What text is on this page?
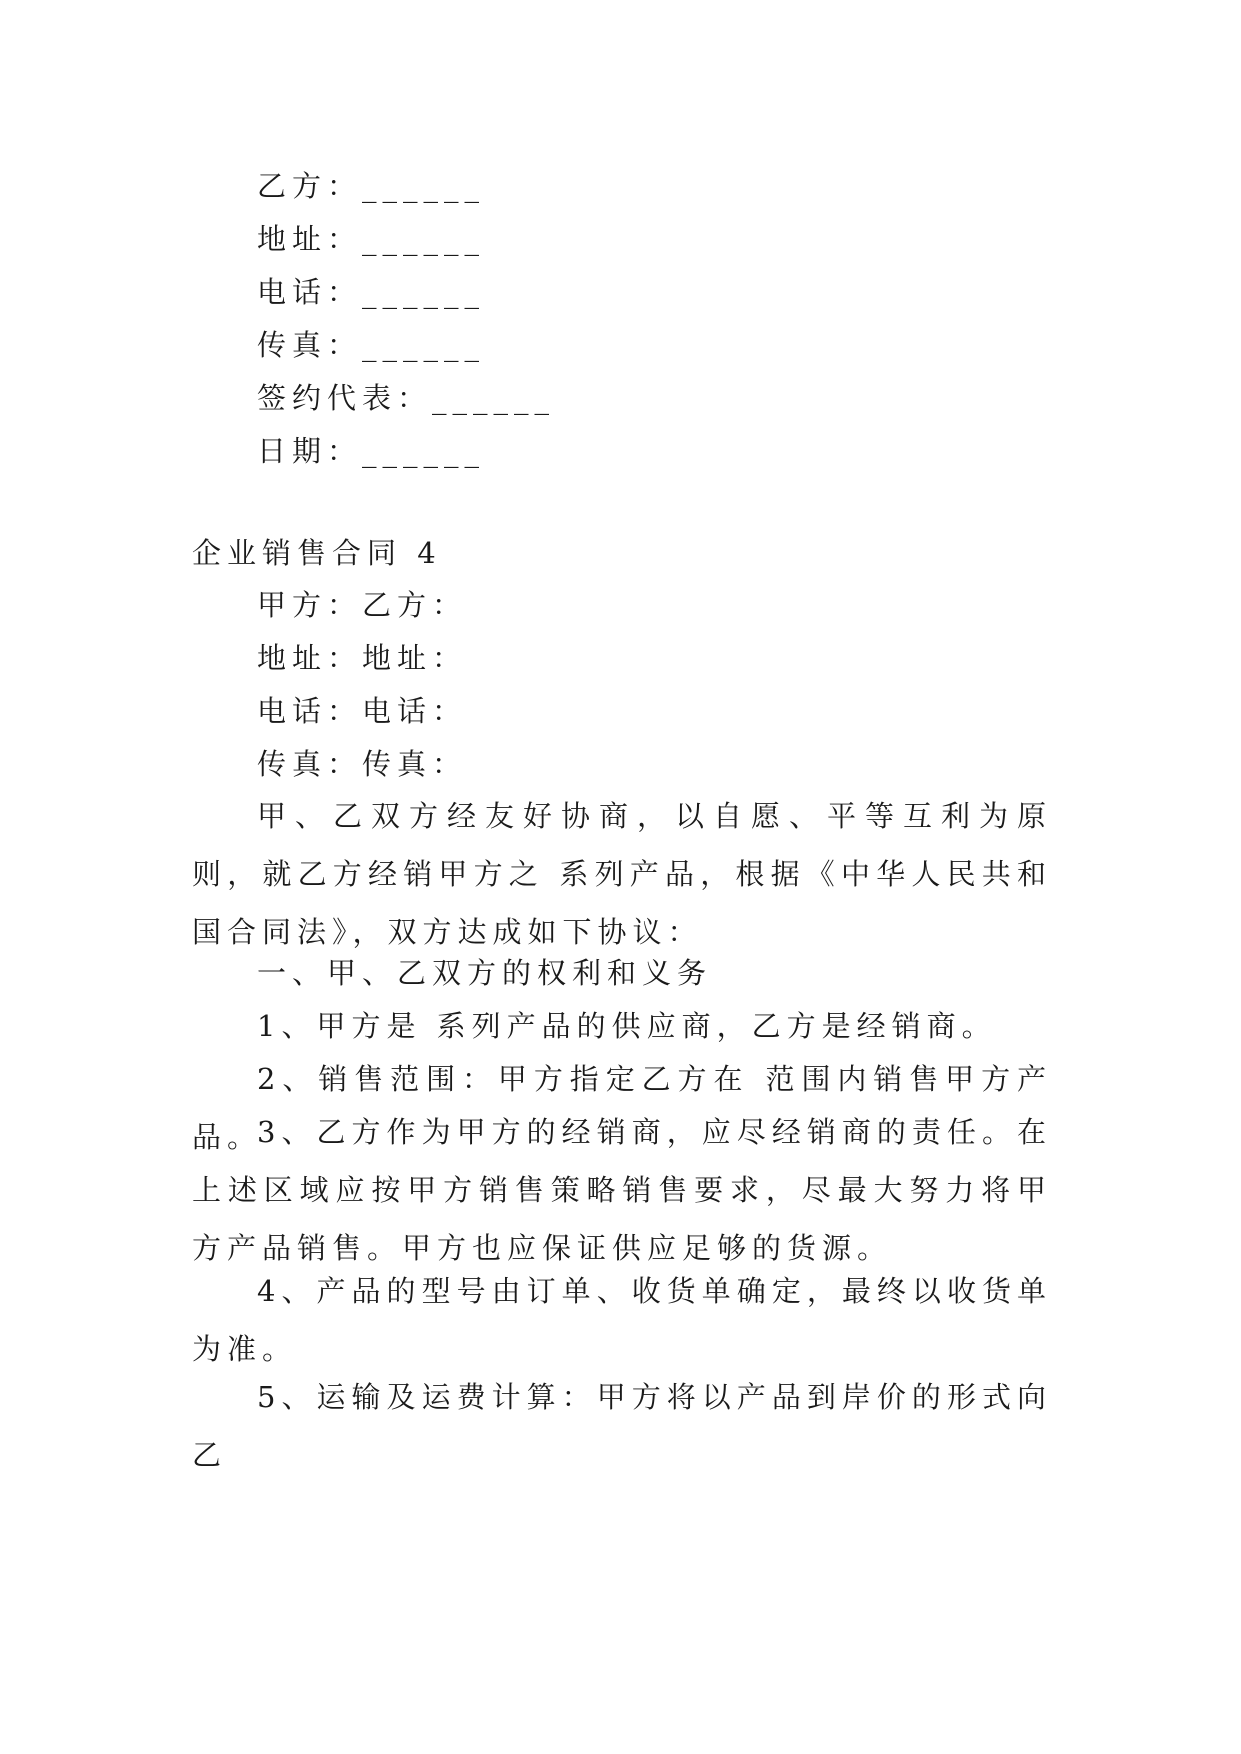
乙方：______
地址：______
电话：______
传真：______
签约代表：______
日期：______
企业销售合同 4
甲方：乙方：
地址：地址：
电话：电话：
传真：传真：
甲、乙双方经友好协商，以自愿、平等互利为原则，就乙方经销甲方之 系列产品，根据《中华人民共和国合同法》，双方达成如下协议：
一、甲、乙双方的权利和义务
1、甲方是 系列产品的供应商，乙方是经销商。
2、销售范围：甲方指定乙方在 范围内销售甲方产品。
3、乙方作为甲方的经销商，应尽经销商的责任。在上述区域应按甲方销售策略销售要求，尽最大努力将甲方产品销售。甲方也应保证供应足够的货源。
4、产品的型号由订单、收货单确定，最终以收货单为准。
5、运输及运费计算：甲方将以产品到岸价的形式向乙
